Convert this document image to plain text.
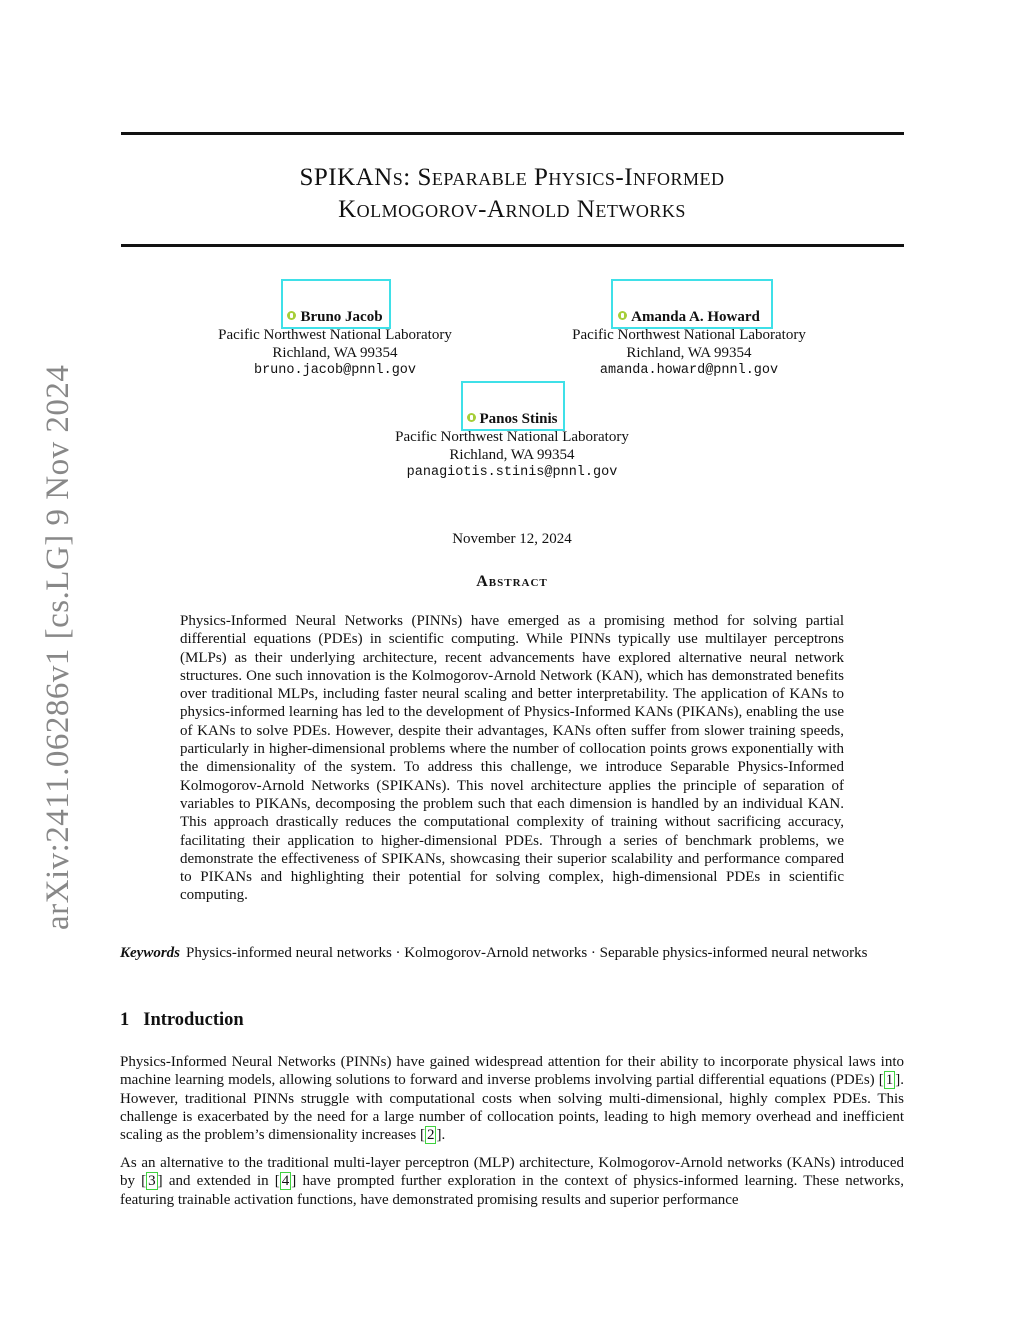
arXiv:2411.06286v1 [cs.LG] 9 Nov 2024
SPIKANs: Separable Physics-Informed
Kolmogorov-Arnold Networks
Bruno Jacob
Pacific Northwest National Laboratory
Richland, WA 99354
bruno.jacob@pnnl.gov
Amanda A. Howard
Pacific Northwest National Laboratory
Richland, WA 99354
amanda.howard@pnnl.gov
Panos Stinis
Pacific Northwest National Laboratory
Richland, WA 99354
panagiotis.stinis@pnnl.gov
November 12, 2024
Abstract
Physics-Informed Neural Networks (PINNs) have emerged as a promising method for solving partial differential equations (PDEs) in scientific computing. While PINNs typically use multilayer perceptrons (MLPs) as their underlying architecture, recent advancements have explored alternative neural network structures. One such innovation is the Kolmogorov-Arnold Network (KAN), which has demonstrated benefits over traditional MLPs, including faster neural scaling and better interpretability. The application of KANs to physics-informed learning has led to the development of Physics-Informed KANs (PIKANs), enabling the use of KANs to solve PDEs. However, despite their advantages, KANs often suffer from slower training speeds, particularly in higher-dimensional problems where the number of collocation points grows exponentially with the dimensionality of the system. To address this challenge, we introduce Separable Physics-Informed Kolmogorov-Arnold Networks (SPIKANs). This novel architecture applies the principle of separation of variables to PIKANs, decomposing the problem such that each dimension is handled by an individual KAN. This approach drastically reduces the computational complexity of training without sacrificing accuracy, facilitating their application to higher-dimensional PDEs. Through a series of benchmark problems, we demonstrate the effectiveness of SPIKANs, showcasing their superior scalability and performance compared to PIKANs and highlighting their potential for solving complex, high-dimensional PDEs in scientific computing.
Keywords Physics-informed neural networks · Kolmogorov-Arnold networks · Separable physics-informed neural networks
1 Introduction
Physics-Informed Neural Networks (PINNs) have gained widespread attention for their ability to incorporate physical laws into machine learning models, allowing solutions to forward and inverse problems involving partial differential equations (PDEs) [ 1 ]. However, traditional PINNs struggle with computational costs when solving multi-dimensional, highly complex PDEs. This challenge is exacerbated by the need for a large number of collocation points, leading to high memory overhead and inefficient scaling as the problem’s dimensionality increases [ 2 ].
As an alternative to the traditional multi-layer perceptron (MLP) architecture, Kolmogorov-Arnold networks (KANs) introduced by [ 3 ] and extended in [ 4 ] have prompted further exploration in the context of physics-informed learning. These networks, featuring trainable activation functions, have demonstrated promising results and superior performance
